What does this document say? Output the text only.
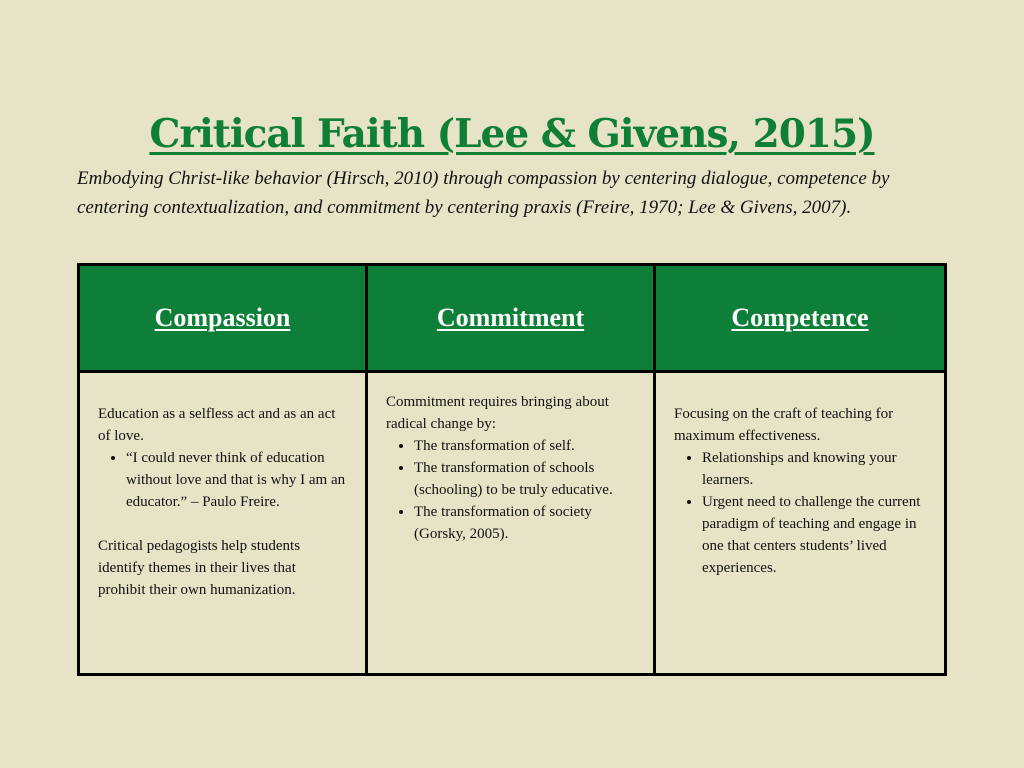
Critical Faith (Lee & Givens, 2015)

Embodying Christ-like behavior (Hirsch, 2010) through compassion by centering dialogue, competence by centering contextualization, and commitment by centering praxis (Freire, 1970; Lee & Givens, 2007).

Compassion	Commitment	Competence

Education as a selfless act and as an act of love.

• “I could never think of education without love and that is why I am an educator.” – Paulo Freire.

Critical pedagogists help students identify themes in their lives that prohibit their own humanization.

Commitment requires bringing about radical change by:

• The transformation of self.
• The transformation of schools (schooling) to be truly educative.
• The transformation of society (Gorsky, 2005).

Focusing on the craft of teaching for maximum effectiveness.

• Relationships and knowing your learners.
• Urgent need to challenge the current paradigm of teaching and engage in one that centers students’ lived experiences.
